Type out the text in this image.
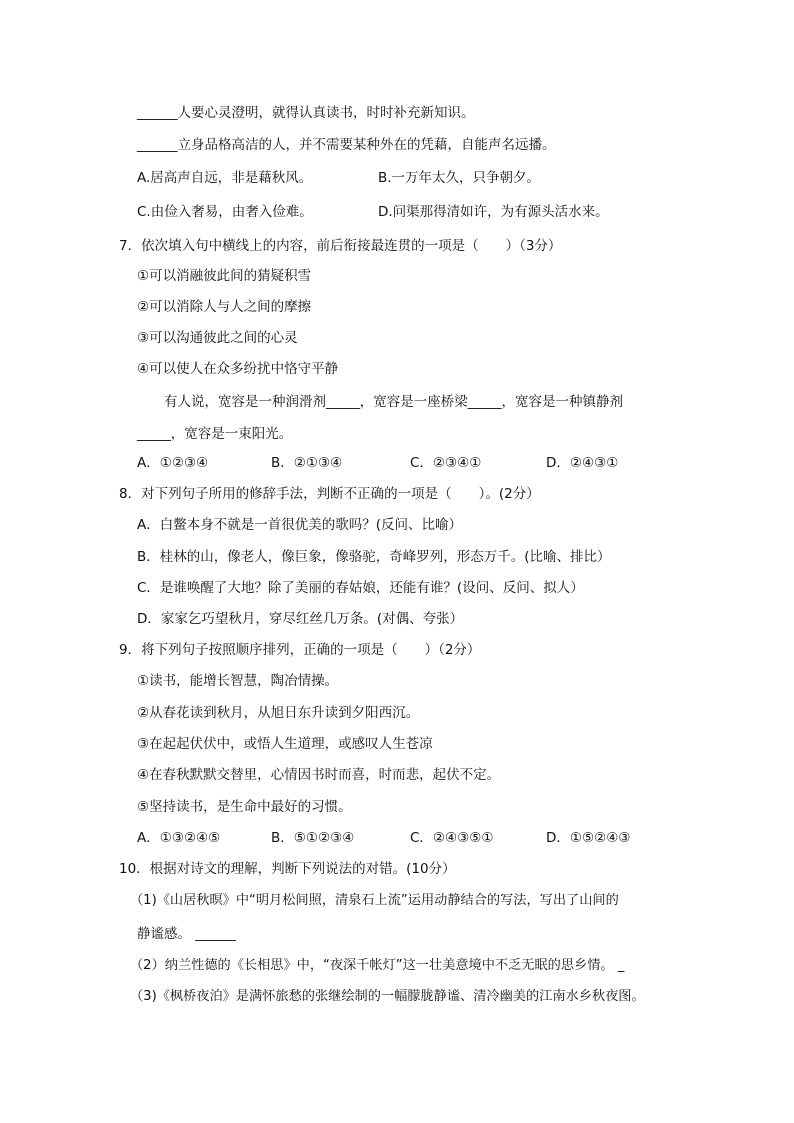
______人要心灵澄明，就得认真读书，时时补充新知识。
______立身品格高洁的人，并不需要某种外在的凭藉，自能声名远播。
A.居高声自远，非是藉秋风。	B.一万年太久，只争朝夕。
C.由俭入奢易，由奢入俭难。	D.问渠那得清如许，为有源头活水来。
7．依次填入句中横线上的内容，前后衔接最连贯的一项是（　　）（3分）
①可以消融彼此间的猜疑积雪
②可以消除人与人之间的摩擦
③可以沟通彼此之间的心灵
④可以使人在众多纷扰中恪守平静
有人说，宽容是一种润滑剂_____，宽容是一座桥梁_____，宽容是一种镇静剂
_____，宽容是一束阳光。
A．①②③④	B．②①③④	C．②③④①	D．②④③①
8．对下列句子所用的修辞手法，判断不正确的一项是（　　）。(2分）
A．白鳖本身不就是一首很优美的歌吗？(反问、比喻）
B．桂林的山，像老人，像巨象，像骆驼，奇峰罗列，形态万千。(比喻、排比）
C．是谁唤醒了大地？除了美丽的春姑娘，还能有谁？(设问、反问、拟人）
D．家家乞巧望秋月，穿尽红丝几万条。(对偶、夸张）
9．将下列句子按照顺序排列，正确的一项是（　　）（2分）
①读书，能增长智慧，陶冶情操。
②从春花读到秋月，从旭日东升读到夕阳西沉。
③在起起伏伏中，或悟人生道理，或感叹人生苍凉
④在春秋默默交替里，心情因书时而喜，时而悲，起伏不定。
⑤坚持读书，是生命中最好的习惯。
A．①③②④⑤	B．⑤①②③④	C．②④③⑤①	D．①⑤②④③
10．根据对诗文的理解，判断下列说法的对错。(10分）
（1)《山居秋暝》中“明月松间照，清泉石上流”运用动静结合的写法，写出了山间的
静谧感。 ______
（2）纳兰性德的《长相思》中，“夜深千帐灯”这一壮美意境中不乏无眠的思乡情。 _
（3)《枫桥夜泊》是满怀旅愁的张继绘制的一幅朦胧静谧、清冷幽美的江南水乡秋夜图。
